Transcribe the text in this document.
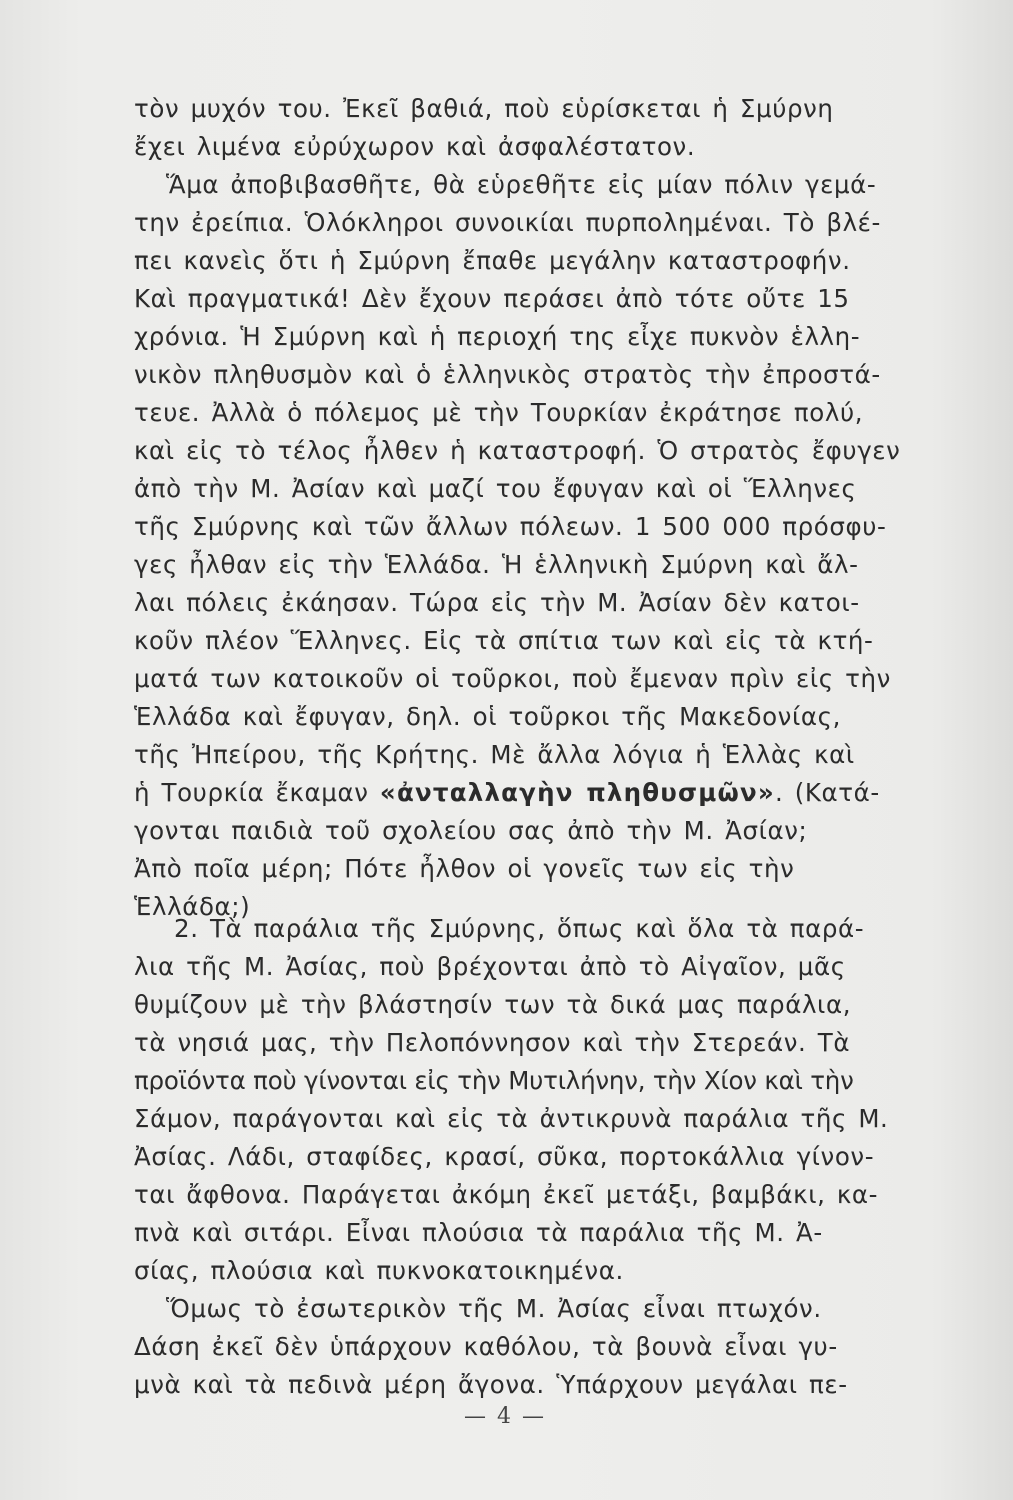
τὸν μυχόν του. Ἐκεῖ βαθιά, ποὺ εὑρίσκεται ἡ Σμύρνη
ἔχει λιμένα εὐρύχωρον καὶ ἀσφαλέστατον.
Ἅμα ἀποβιβασθῆτε, θὰ εὑρεθῆτε εἰς μίαν πόλιν γεμά-
την ἐρείπια. Ὁλόκληροι συνοικίαι πυρπολημέναι. Τὸ βλέ-
πει κανεὶς ὅτι ἡ Σμύρνη ἔπαθε μεγάλην καταστροφήν.
Καὶ πραγματικά! Δὲν ἔχουν περάσει ἀπὸ τότε οὔτε 15
χρόνια. Ἡ Σμύρνη καὶ ἡ περιοχή της εἶχε πυκνὸν ἑλλη-
νικὸν πληθυσμὸν καὶ ὁ ἑλληνικὸς στρατὸς τὴν ἐπροστά-
τευε. Ἀλλὰ ὁ πόλεμος μὲ τὴν Τουρκίαν ἐκράτησε πολύ,
καὶ εἰς τὸ τέλος ἦλθεν ἡ καταστροφή. Ὁ στρατὸς ἔφυγεν
ἀπὸ τὴν Μ. Ἀσίαν καὶ μαζί του ἔφυγαν καὶ οἱ Ἕλληνες
τῆς Σμύρνης καὶ τῶν ἄλλων πόλεων. 1 500 000 πρόσφυ-
γες ἦλθαν εἰς τὴν Ἑλλάδα. Ἡ ἑλληνικὴ Σμύρνη καὶ ἄλ-
λαι πόλεις ἐκάησαν. Τώρα εἰς τὴν Μ. Ἀσίαν δὲν κατοι-
κοῦν πλέον Ἕλληνες. Εἰς τὰ σπίτια των καὶ εἰς τὰ κτή-
ματά των κατοικοῦν οἱ τοῦρκοι, ποὺ ἔμεναν πρὶν εἰς τὴν
Ἑλλάδα καὶ ἔφυγαν, δηλ. οἱ τοῦρκοι τῆς Μακεδονίας,
τῆς Ἠπείρου, τῆς Κρήτης. Μὲ ἄλλα λόγια ἡ Ἑλλὰς καὶ
ἡ Τουρκία ἔκαμαν «ἀνταλλαγὴν πληθυσμῶν». (Κατά-
γονται παιδιὰ τοῦ σχολείου σας ἀπὸ τὴν Μ. Ἀσίαν;
Ἀπὸ ποῖα μέρη; Πότε ἦλθον οἱ γονεῖς των εἰς τὴν
Ἑλλάδα;)
2. Τὰ παράλια τῆς Σμύρνης, ὅπως καὶ ὅλα τὰ παρά-
λια τῆς Μ. Ἀσίας, ποὺ βρέχονται ἀπὸ τὸ Αἰγαῖον, μᾶς
θυμίζουν μὲ τὴν βλάστησίν των τὰ δικά μας παράλια,
τὰ νησιά μας, τὴν Πελοπόννησον καὶ τὴν Στερεάν. Τὰ
προϊόντα ποὺ γίνονται εἰς τὴν Μυτιλήνην, τὴν Χίον καὶ τὴν
Σάμον, παράγονται καὶ εἰς τὰ ἀντικρυνὰ παράλια τῆς Μ.
Ἀσίας. Λάδι, σταφίδες, κρασί, σῦκα, πορτοκάλλια γίνον-
ται ἄφθονα. Παράγεται ἀκόμη ἐκεῖ μετάξι, βαμβάκι, κα-
πνὰ καὶ σιτάρι. Εἶναι πλούσια τὰ παράλια τῆς Μ. Ἀ-
σίας, πλούσια καὶ πυκνοκατοικημένα.
Ὅμως τὸ ἐσωτερικὸν τῆς Μ. Ἀσίας εἶναι πτωχόν.
Δάση ἐκεῖ δὲν ὑπάρχουν καθόλου, τὰ βουνὰ εἶναι γυ-
μνὰ καὶ τὰ πεδινὰ μέρη ἄγονα. Ὑπάρχουν μεγάλαι πε-
— 4 —
